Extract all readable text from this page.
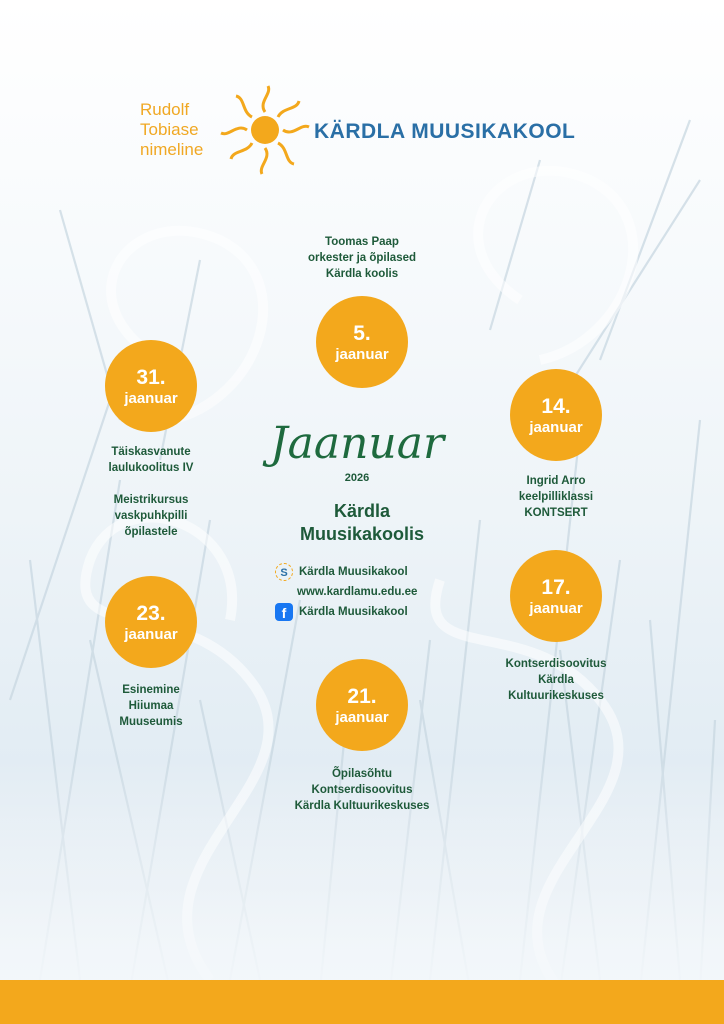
Rudolf
Tobiase
nimeline
KÄRDLA MUUSIKAKOOL
Toomas Paap
orkester ja õpilased
Kärdla koolis
5.
jaanuar
31.
jaanuar
Täiskasvanute
laulukoolitus IV
Meistrikursus
vaskpuhkpilli
õpilastele
14.
jaanuar
Ingrid Arro
keelpilliklassi
KONTSERT
Jaanuar
2026
Kärdla
Muusikakoolis
S Kärdla Muusikakool
www.kardlamu.edu.ee
f	Kärdla Muusikakool
17.
jaanuar
Kontserdisoovitus
Kärdla
Kultuurikeskuses
23.
jaanuar
Esinemine
Hiiumaa
Muuseumis
21.
jaanuar
Õpilasõhtu
Kontserdisoovitus
Kärdla Kultuurikeskuses
